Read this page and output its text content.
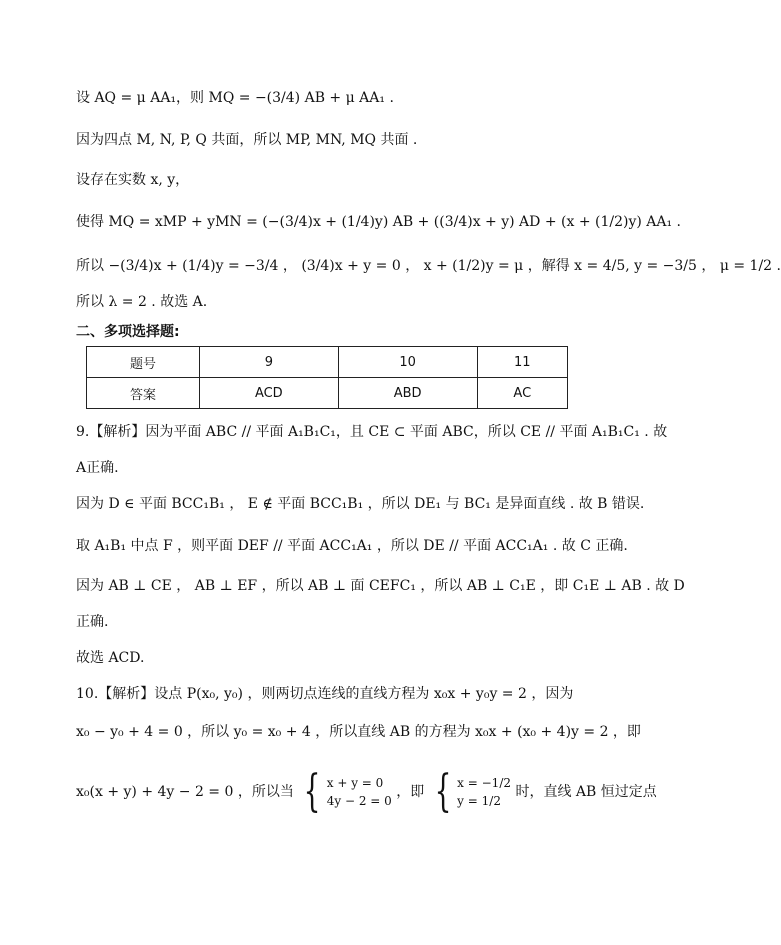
设 AQ = μ AA₁，则 MQ = −(3/4) AB + μ AA₁ .
因为四点 M, N, P, Q 共面，所以 MP, MN, MQ 共面 .
设存在实数 x, y，
使得 MQ = xMP + yMN = (−(3/4)x + (1/4)y) AB + ((3/4)x + y) AD + (x + (1/2)y) AA₁ .
所以 −(3/4)x + (1/4)y = −3/4 ， (3/4)x + y = 0 ， x + (1/2)y = μ ，解得 x = 4/5, y = −3/5 ， μ = 1/2 .
所以 λ = 2 . 故选 A.
二、多项选择题:
题号	9	10	11
答案	ACD	ABD	AC
9.【解析】因为平面 ABC // 平面 A₁B₁C₁，且 CE ⊂ 平面 ABC，所以 CE // 平面 A₁B₁C₁ . 故
A正确.
因为 D ∈ 平面 BCC₁B₁ ， E ∉ 平面 BCC₁B₁ ，所以 DE₁ 与 BC₁ 是异面直线 . 故 B 错误.
取 A₁B₁ 中点 F ，则平面 DEF // 平面 ACC₁A₁ ，所以 DE // 平面 ACC₁A₁ . 故 C 正确.
因为 AB ⊥ CE ， AB ⊥ EF ，所以 AB ⊥ 面 CEFC₁ ，所以 AB ⊥ C₁E ，即 C₁E ⊥ AB . 故 D
正确.
故选 ACD.
10.【解析】设点 P(x₀, y₀) ，则两切点连线的直线方程为 x₀x + y₀y = 2 ，因为
x₀ − y₀ + 4 = 0 ，所以 y₀ = x₀ + 4 ，所以直线 AB 的方程为 x₀x + (x₀ + 4)y = 2 ，即
x₀(x + y) + 4y − 2 = 0 ，所以当 { x + y = 0
4y − 2 = 0
，即 { x = −1/2
y = 1/2
时，直线 AB 恒过定点
